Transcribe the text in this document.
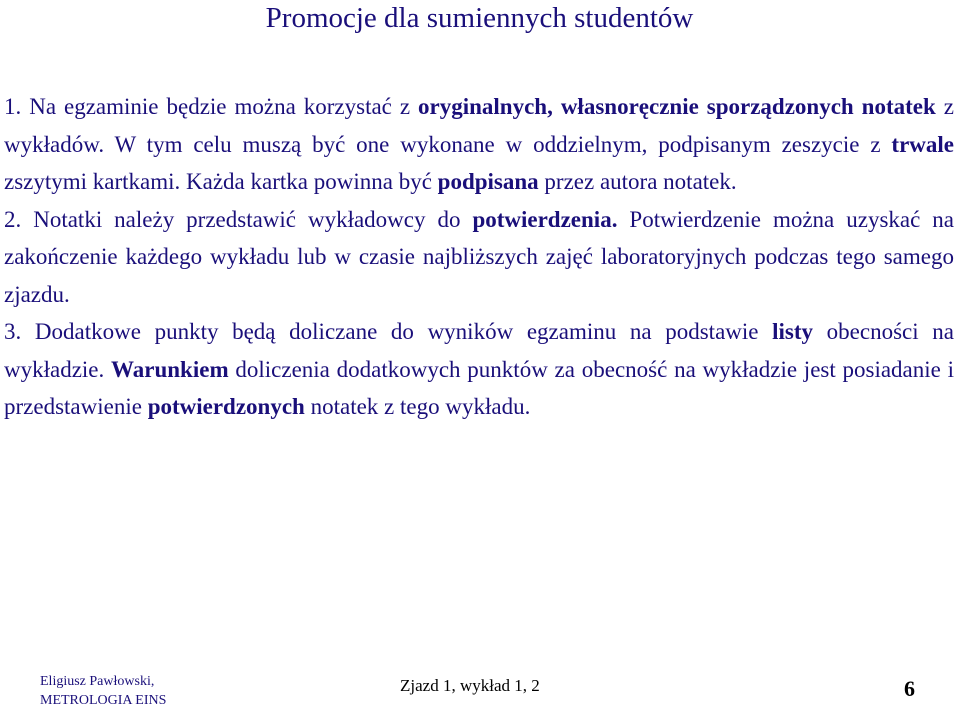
Promocje dla sumiennych studentów

1. Na egzaminie będzie można korzystać z oryginalnych, własnoręcznie sporządzonych notatek z wykładów. W tym celu muszą być one wykonane w oddzielnym, podpisanym zeszycie z trwale zszytymi kartkami. Każda kartka powinna być podpisana przez autora notatek.

2. Notatki należy przedstawić wykładowcy do potwierdzenia. Potwierdzenie można uzyskać na zakończenie każdego wykładu lub w czasie najbliższych zajęć laboratoryjnych podczas tego samego zjazdu.

3. Dodatkowe punkty będą doliczane do wyników egzaminu na podstawie listy obecności na wykładzie. Warunkiem doliczenia dodatkowych punktów za obecność na wykładzie jest posiadanie i przedstawienie potwierdzonych notatek z tego wykładu.

Eligiusz Pawłowski,
METROLOGIA EINS
Zjazd 1, wykład 1, 2	6
